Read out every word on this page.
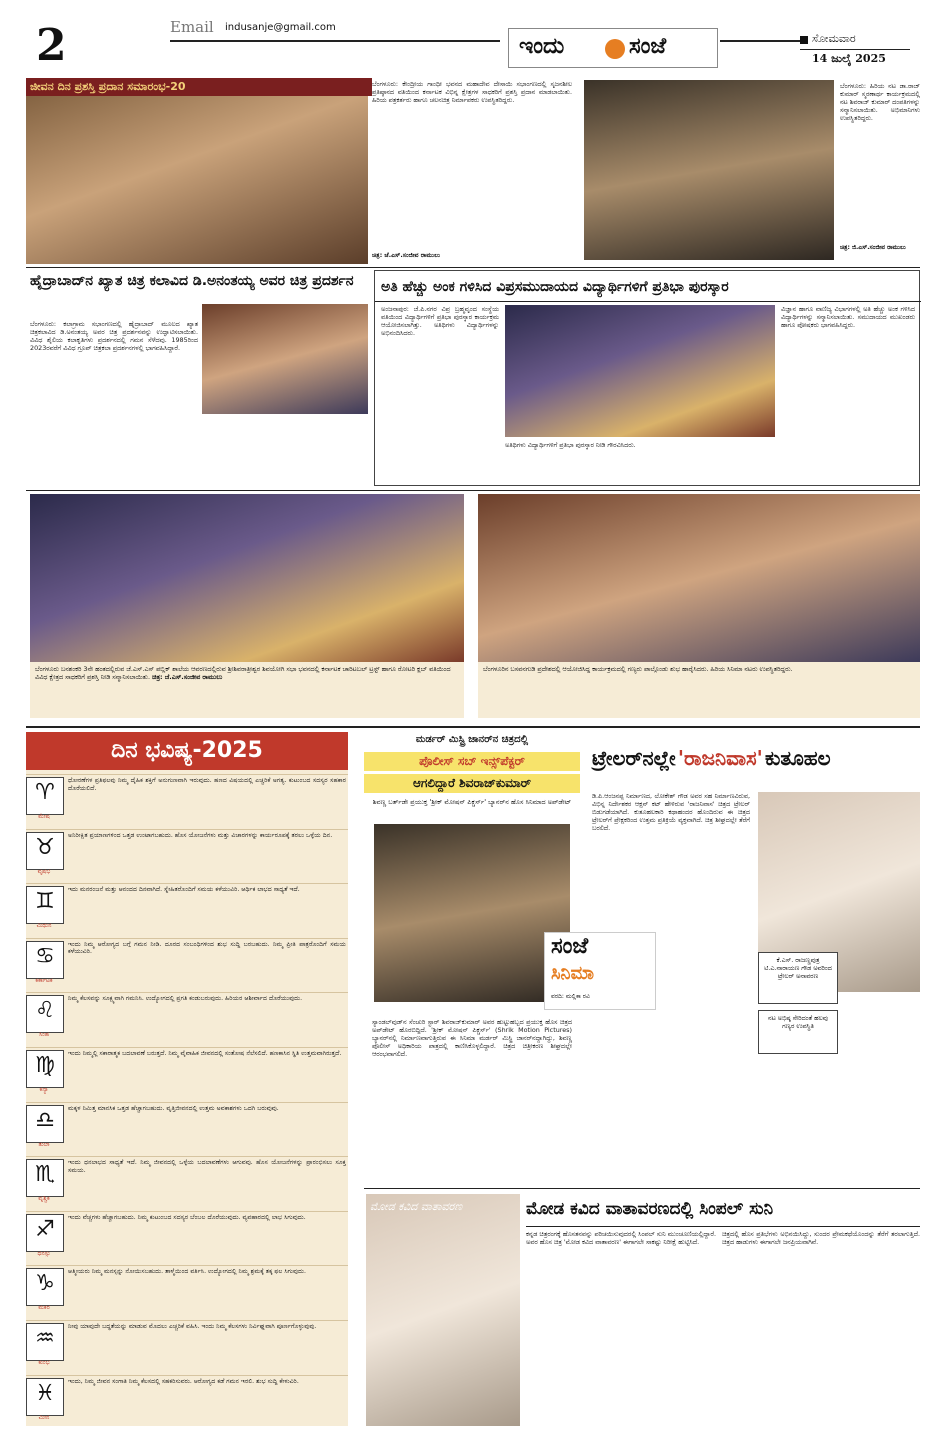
2	Email	indusanje@gmail.com
ಇಂದು	ಸಂಜೆ	ಸೋಮವಾರ
14 ಜುಲೈ 2025
ಜೀವನ ದಿನ ಪ್ರಶಸ್ತಿ ಪ್ರದಾನ ಸಮಾರಂಭ-20	ಬೆಂಗಳೂರು: ಕೇಂದ್ರೀಯ ಗಾಂಧೀ ಭವನದ ಮಹಾದೇವ ದೇಸಾಯಿ ಸಭಾಂಗಣದಲ್ಲಿ ಸೃಜನಶೀಲ ಪ್ರತಿಷ್ಠಾನದ ವತಿಯಿಂದ ಕರ್ನಾಟಕ ವಿಭಿನ್ನ ಕ್ಷೇತ್ರಗಳ ಸಾಧಕರಿಗೆ ಪ್ರಶಸ್ತಿ ಪ್ರದಾನ ಮಾಡಲಾಯಿತು. ಹಿರಿಯ ಪತ್ರಕರ್ತರು ಹಾಗೂ ಚಲನಚಿತ್ರ ನಿರ್ಮಾಪಕರು ಉಪಸ್ಥಿತರಿದ್ದರು.
ಚಿತ್ರ: ಜೆ.ಎಸ್.ಸಂಜೀವ ರಾಮುಲು
ಬೆಂಗಳೂರು: ಹಿರಿಯ ನಟ ಡಾ.ರಾಜ್ ಕುಮಾರ್ ಸ್ಮರಣಾರ್ಥ ಕಾರ್ಯಕ್ರಮದಲ್ಲಿ ನಟ ಶಿವರಾಜ್ ಕುಮಾರ್ ದಂಪತಿಗಳನ್ನು ಸನ್ಮಾನಿಸಲಾಯಿತು. ಅಭಿಮಾನಿಗಳು ಉಪಸ್ಥಿತರಿದ್ದರು.
ಚಿತ್ರ: ಜಿ.ಎಸ್.ಸಂಜೀವ ರಾಮುಲು
ಹೈದ್ರಾಬಾದ್‌ನ ಖ್ಯಾತ ಚಿತ್ರ ಕಲಾವಿದ ಡಿ.ಅನಂತಯ್ಯ ಅವರ ಚಿತ್ರ ಪ್ರದರ್ಶನ
ಬೆಂಗಳೂರು: ಕಲಾಗ್ರಾಮ ಸಭಾಂಗಣದಲ್ಲಿ ಹೈದ್ರಾಬಾದ್ ಮೂಲದ ಖ್ಯಾತ ಚಿತ್ರಕಲಾವಿದ ಡಿ.ಅನಂತಯ್ಯ ಅವರ ಚಿತ್ರ ಪ್ರದರ್ಶನವನ್ನು ಉದ್ಘಾಟಿಸಲಾಯಿತು. ವಿವಿಧ ಶೈಲಿಯ ಕಲಾಕೃತಿಗಳು ಪ್ರದರ್ಶನದಲ್ಲಿ ಗಮನ ಸೆಳೆದವು. 1985ರಿಂದ 2023ರವರೆಗೆ ವಿವಿಧ ಗ್ರೂಪ್ ಚಿತ್ರಕಲಾ ಪ್ರದರ್ಶನಗಳಲ್ಲಿ ಭಾಗವಹಿಸಿದ್ದಾರೆ.
ಅತಿ ಹೆಚ್ಚು ಅಂಕ ಗಳಿಸಿದ ವಿಪ್ರಸಮುದಾಯದ ವಿದ್ಯಾರ್ಥಿಗಳಿಗೆ ಪ್ರತಿಭಾ ಪುರಸ್ಕಾರ
ಅಂಜನಾಪುರ: ಜೆ.ಪಿ.ನಗರ ವಿಪ್ರ ಬ್ರಹ್ಮವೃಂದ ಸಂಸ್ಥೆಯ ವತಿಯಿಂದ ವಿದ್ಯಾರ್ಥಿಗಳಿಗೆ ಪ್ರತಿಭಾ ಪುರಸ್ಕಾರ ಕಾರ್ಯಕ್ರಮ ಆಯೋಜಿಸಲಾಗಿತ್ತು. ಅತಿಥಿಗಳು ವಿದ್ಯಾರ್ಥಿಗಳನ್ನು ಅಭಿನಂದಿಸಿದರು.
ವಿಜ್ಞಾನ ಹಾಗೂ ವಾಣಿಜ್ಯ ವಿಭಾಗಗಳಲ್ಲಿ ಅತಿ ಹೆಚ್ಚು ಅಂಕ ಗಳಿಸಿದ ವಿದ್ಯಾರ್ಥಿಗಳನ್ನು ಸನ್ಮಾನಿಸಲಾಯಿತು. ಸಮುದಾಯದ ಮುಖಂಡರು ಹಾಗೂ ಪೋಷಕರು ಭಾಗವಹಿಸಿದ್ದರು.
ಅತಿಥಿಗಳು ವಿದ್ಯಾರ್ಥಿಗಳಿಗೆ ಪ್ರತಿಭಾ ಪುರಸ್ಕಾರ ನೀಡಿ ಗೌರವಿಸಿದರು.
ಬೆಂಗಳೂರು ಬನಶಂಕರಿ 3ನೇ ಹಂತದಲ್ಲಿರುವ ಜೆ.ಎಸ್.ಎಸ್ ಪಬ್ಲಿಕ್ ಶಾಲೆಯ ಆವರಣದಲ್ಲಿರುವ ಶ್ರೀಶಿವರಾತ್ರೀಶ್ವರ ಶಿವಯೋಗಿ ಸಭಾ ಭವನದಲ್ಲಿ ಕರ್ನಾಟಕ ಚಾರಿಟಬಲ್ ಟ್ರಸ್ಟ್ ಹಾಗೂ ರೋಟರಿ ಕ್ಲಬ್ ವತಿಯಿಂದ ವಿವಿಧ ಕ್ಷೇತ್ರದ ಸಾಧಕರಿಗೆ ಪ್ರಶಸ್ತಿ ನೀಡಿ ಸನ್ಮಾನಿಸಲಾಯಿತು. ಚಿತ್ರ: ಜೆ.ಎಸ್.ಸಂಜೀವ ರಾಮುಲು
ಬೆಂಗಳೂರಿನ ಬಸವನಗುಡಿ ಪ್ರದೇಶದಲ್ಲಿ ಆಯೋಜಿಸಿದ್ದ ಕಾರ್ಯಕ್ರಮದಲ್ಲಿ ಗಣ್ಯರು ಪಾಲ್ಗೊಂಡು ಶುಭ ಹಾರೈಸಿದರು. ಹಿರಿಯ ಸಿನಿಮಾ ನಟರು ಉಪಸ್ಥಿತರಿದ್ದರು.
ದಿನ ಭವಿಷ್ಯ-2025
♈
ಮೇಷ
ಧೋರಣೆಗಳ ಪ್ರತಿಫಲವು ನಿಮ್ಮ ದೈಹಿಕ ಶಕ್ತಿಗೆ ಅನುಗುಣವಾಗಿ ಇರುವುದು. ಹಣದ ವಿಷಯದಲ್ಲಿ ಎಚ್ಚರಿಕೆ ಅಗತ್ಯ. ಕುಟುಂಬದ ಸದಸ್ಯರ ಸಹಕಾರ ದೊರೆಯಲಿದೆ.
♉
ವೃಷಭ
ಅನಿರೀಕ್ಷಿತ ಪ್ರಯಾಣಗಳಿಂದ ಒತ್ತಡ ಉಂಟಾಗಬಹುದು. ಹೊಸ ಯೋಜನೆಗಳು ಮತ್ತು ವಿಚಾರಗಳನ್ನು ಕಾರ್ಯರೂಪಕ್ಕೆ ತರಲು ಒಳ್ಳೆಯ ದಿನ.
♊
ಮಿಥುನ
ಇದು ಮನರಂಜನೆ ಮತ್ತು ಆನಂದದ ದಿನವಾಗಿದೆ. ಸ್ನೇಹಿತರೊಂದಿಗೆ ಸಮಯ ಕಳೆಯುವಿರಿ. ಆರ್ಥಿಕ ಲಾಭದ ಸಾಧ್ಯತೆ ಇದೆ.
♋
ಕರ್ಕಾಟಕ
ಇಂದು ನಿಮ್ಮ ಆರೋಗ್ಯದ ಬಗ್ಗೆ ಗಮನ ನೀಡಿ. ದೂರದ ಸಂಬಂಧಿಗಳಿಂದ ಶುಭ ಸುದ್ದಿ ಬರಬಹುದು. ನಿಮ್ಮ ಪ್ರೀತಿ ಪಾತ್ರರೊಂದಿಗೆ ಸಮಯ ಕಳೆಯುವಿರಿ.
♌
ಸಿಂಹ
ನಿಮ್ಮ ಕೆಲಸವನ್ನು ಸೂಕ್ಷ್ಮವಾಗಿ ಗಮನಿಸಿ. ಉದ್ಯೋಗದಲ್ಲಿ ಪ್ರಗತಿ ಕಂಡುಬರುವುದು. ಹಿರಿಯರ ಆಶೀರ್ವಾದ ದೊರೆಯುವುದು.
♍
ಕನ್ಯಾ
ಇಂದು ನಿಮ್ಮಲ್ಲಿ ಸಕಾರಾತ್ಮಕ ಬದಲಾವಣೆ ಬರುತ್ತದೆ. ನಿಮ್ಮ ವೈವಾಹಿಕ ಜೀವನದಲ್ಲಿ ಸಂತೋಷ ನೆಲೆಸಲಿದೆ. ಹಣಕಾಸಿನ ಸ್ಥಿತಿ ಉತ್ತಮವಾಗಿರುತ್ತದೆ.
♎
ತುಲಾ
ಮಕ್ಕಳ ನಿಮಿತ್ತ ಮಾನಸಿಕ ಒತ್ತಡ ಹೆಚ್ಚಾಗಬಹುದು. ವೃತ್ತಿಜೀವನದಲ್ಲಿ ಉತ್ತಮ ಅವಕಾಶಗಳು ಒದಗಿ ಬರುವುವು.
♏
ವೃಶ್ಚಿಕ
ಇಂದು ಧನಲಾಭದ ಸಾಧ್ಯತೆ ಇದೆ. ನಿಮ್ಮ ಜೀವನದಲ್ಲಿ ಒಳ್ಳೆಯ ಬದಲಾವಣೆಗಳು ಆಗುವವು. ಹೊಸ ಯೋಜನೆಗಳನ್ನು ಪ್ರಾರಂಭಿಸಲು ಸೂಕ್ತ ಸಮಯ.
♐
ಧನಸ್ಸು
ಇಂದು ವೆಚ್ಚಗಳು ಹೆಚ್ಚಾಗಬಹುದು. ನಿಮ್ಮ ಕುಟುಂಬದ ಸದಸ್ಯರ ಬೆಂಬಲ ದೊರೆಯುವುದು. ವ್ಯವಹಾರದಲ್ಲಿ ಲಾಭ ಸಿಗುವುದು.
♑
ಮಕರ
ಆತ್ಮೀಯರು ನಿಮ್ಮ ಮನಸ್ಸನ್ನು ನೋಯಿಸಬಹುದು. ತಾಳ್ಮೆಯಿಂದ ವರ್ತಿಸಿ. ಉದ್ಯೋಗದಲ್ಲಿ ನಿಮ್ಮ ಶ್ರಮಕ್ಕೆ ತಕ್ಕ ಫಲ ಸಿಗುವುದು.
♒
ಕುಂಭ
ನೀವು ಯಾವುದೇ ಬದ್ಧತೆಯನ್ನು ಮಾಡುವ ಮೊದಲು ಎಚ್ಚರಿಕೆ ವಹಿಸಿ. ಇಂದು ನಿಮ್ಮ ಕೆಲಸಗಳು ನಿರ್ವಿಘ್ನವಾಗಿ ಪೂರ್ಣಗೊಳ್ಳುವುವು.
♓
ಮೀನ
ಇಂದು, ನಿಮ್ಮ ಜೀವನ ಸಂಗಾತಿ ನಿಮ್ಮ ಕೆಲಸದಲ್ಲಿ ಸಹಕರಿಸುವರು. ಆರೋಗ್ಯದ ಕಡೆ ಗಮನ ಇರಲಿ. ಶುಭ ಸುದ್ದಿ ಕೇಳುವಿರಿ.
ಮರ್ಡರ್ ಮಿಸ್ಟ್ರಿ ಜಾನರ್‌ನ ಚಿತ್ರದಲ್ಲಿ
ಪೊಲೀಸ್ ಸಬ್ ಇನ್ಸ್‌ಪೆಕ್ಟರ್
ಆಗಲಿದ್ದಾರೆ ಶಿವರಾಜ್‌ಕುಮಾರ್
ಶಿವಣ್ಣ ಬರ್ತ್‌ಡೇ ಪ್ರಯುಕ್ತ 'ಶ್ರೀಕ್ ಮೋಷನ್ ಪಿಕ್ಚರ್ಸ್' ಬ್ಯಾನರ್‌ನ ಹೊಸ ಸಿನಿಮಾದ ಅಪ್‌ಡೇಟ್
ಸಂಜೆ
ಸಿನಿಮಾ
ವರದಿ: ಮಲ್ಲಿಕಾ ರವಿ
ಸ್ಯಾಂಡಲ್‌ವುಡ್‌ನ ಸೆಂಚುರಿ ಸ್ಟಾರ್ ಶಿವರಾಜ್‌ಕುಮಾರ್ ಅವರ ಹುಟ್ಟುಹಬ್ಬದ ಪ್ರಯುಕ್ತ ಹೊಸ ಚಿತ್ರದ ಅಪ್‌ಡೇಟ್ ಹೊರಬಿದ್ದಿದೆ. 'ಶ್ರೀಕ್ ಮೋಷನ್ ಪಿಕ್ಚರ್ಸ್' (Shrik Motion Pictures) ಬ್ಯಾನರ್‌ನಲ್ಲಿ ನಿರ್ಮಾಣವಾಗುತ್ತಿರುವ ಈ ಸಿನಿಮಾ ಮರ್ಡರ್ ಮಿಸ್ಟ್ರಿ ಜಾನರ್‌ನದ್ದಾಗಿದ್ದು, ಶಿವಣ್ಣ ಪೊಲೀಸ್ ಅಧಿಕಾರಿಯ ಪಾತ್ರದಲ್ಲಿ ಕಾಣಿಸಿಕೊಳ್ಳಲಿದ್ದಾರೆ. ಚಿತ್ರದ ಚಿತ್ರೀಕರಣ ಶೀಘ್ರದಲ್ಲೇ ಆರಂಭವಾಗಲಿದೆ.
ಟ್ರೇಲರ್‌ನಲ್ಲೇ 'ರಾಜನಿವಾಸ' ಕುತೂಹಲ
ಡಿ.ಪಿ.ಆಂಜನಪ್ಪ ನಿರ್ಮಾಣದ, ಲೋಕೇಶ್ ಗೌಡ ಅವರ ಸಹ ನಿರ್ಮಾಣವಿರುವ, ವಿಭಿನ್ನ ನಿರ್ದೇಶಕರ ಆಕ್ಷನ್ ಕಟ್ ಹೇಳಿರುವ 'ರಾಜನಿವಾಸ' ಚಿತ್ರದ ಟ್ರೇಲರ್ ಬಿಡುಗಡೆಯಾಗಿದೆ. ಕುತೂಹಲಕಾರಿ ಕಥಾಹಂದರ ಹೊಂದಿರುವ ಈ ಚಿತ್ರದ ಟ್ರೇಲರ್‌ಗೆ ಪ್ರೇಕ್ಷಕರಿಂದ ಉತ್ತಮ ಪ್ರತಿಕ್ರಿಯೆ ವ್ಯಕ್ತವಾಗಿದೆ. ಚಿತ್ರ ಶೀಘ್ರದಲ್ಲೇ ತೆರೆಗೆ ಬರಲಿದೆ.
ಕೆ.ಎಸ್. ರಾಜಣ್ಣಪುತ್ರ ಟಿ.ಎ.ನಾರಾಯಣ ಗೌಡ ಅವರಿಂದ ಟ್ರೇಲರ್ ಅನಾವರಣ
ನಟ ಅಭಿಷ್ಠ ಸೇರಿದಂತೆ ಹಲವು ಗಣ್ಯರ ಉಪಸ್ಥಿತಿ
ಮೋಡ ಕವಿದ ವಾತಾವರಣ	ಮೋಡ ಕವಿದ ವಾತಾವರಣದಲ್ಲಿ ಸಿಂಪಲ್ ಸುನಿ
ಕನ್ನಡ ಚಿತ್ರರಂಗಕ್ಕೆ ಹೊಸತನವನ್ನು ಪರಿಚಯಿಸುವುದರಲ್ಲಿ ಸಿಂಪಲ್ ಸುನಿ ಮುಂಚೂಣಿಯಲ್ಲಿದ್ದಾರೆ. ಅವರ ಹೊಸ ಚಿತ್ರ 'ಮೋಡ ಕವಿದ ವಾತಾವರಣ' ಈಗಾಗಲೇ ಸಾಕಷ್ಟು ನಿರೀಕ್ಷೆ ಹುಟ್ಟಿಸಿದೆ.
ಚಿತ್ರದಲ್ಲಿ ಹೊಸ ಪ್ರತಿಭೆಗಳು ಅಭಿನಯಿಸಿದ್ದು, ಸುಂದರ ಪ್ರೇಮಕಥೆಯೊಂದನ್ನು ತೆರೆಗೆ ತರಲಾಗುತ್ತಿದೆ. ಚಿತ್ರದ ಹಾಡುಗಳು ಈಗಾಗಲೇ ಜನಪ್ರಿಯವಾಗಿವೆ.
